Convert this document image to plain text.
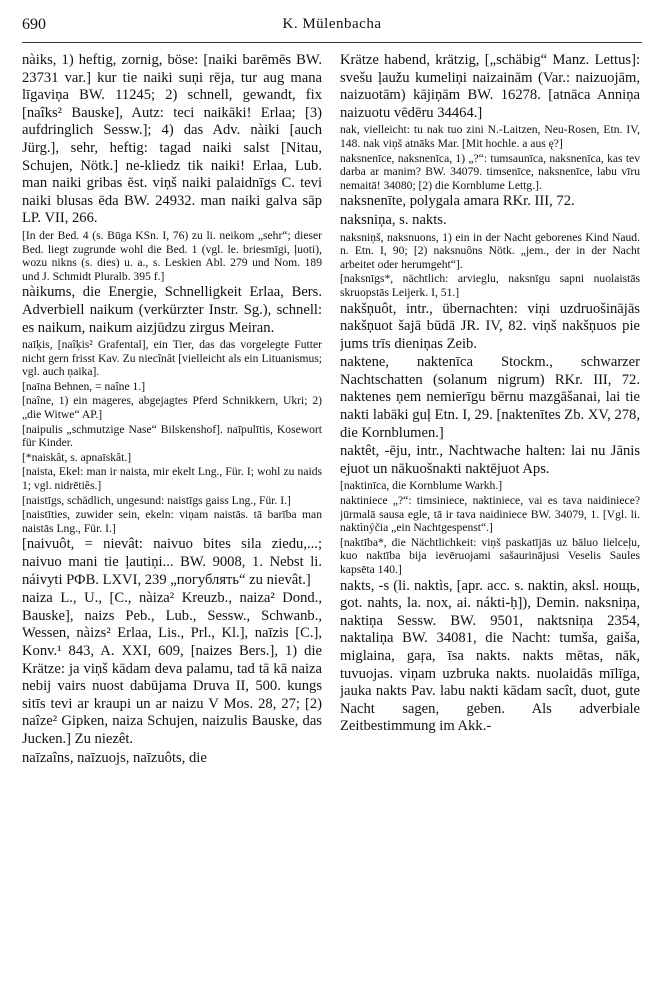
690	K. Mülenbacha

nàiks, 1) heftig, zornig, böse: [naiki barēmēs BW. 23731 var.] kur tie naiki suņi rēja, tur aug mana līgaviņa BW. 11245; 2) schnell, gewandt, fix [naîks² Bauske], Autz: teci naikāki! Erlaa; [3) aufdringlich Sessw.]; 4) das Adv. nàiki [auch Jürg.], sehr, heftig: tagad naiki salst [Nitau, Schujen, Nötk.] ne-kliedz tik naiki! Erlaa, Lub. man naiki gribas ēst. viņš naiki palaidnīgs C. tevi naiki blusas ēda BW. 24932. man naiki galva sāp LP. VII, 266.

[In der Bed. 4 (s. Būga KSn. I, 76) zu li. neikom „sehr“; dieser Bed. liegt zugrunde wohl die Bed. 1 (vgl. le. briesmīgi, ļuoti), wozu nikns (s. dies) u. a., s. Leskien Abl. 279 und Nom. 189 und J. Schmidt Pluralb. 395 f.]

nàikums, die Energie, Schnelligkeit Erlaa, Bers. Adverbiell naikum (verkürzter Instr. Sg.), schnell: es naikum, naikum aizjūdzu zirgus Meiran.

naīķis, [naîķis² Grafental], ein Tier, das das vorgelegte Futter nicht gern frisst Kav. Zu niecînât [vielleicht als ein Lituanismus; vgl. auch ņaika].

[naīna Behnen, = naîne 1.]

[naîne, 1) ein mageres, abgejagtes Pferd Schnikkern, Ukri; 2) „die Witwe“ AP.]

[naipulis „schmutzige Nase“ Bilskenshof]. naīpulītis, Kosewort für Kinder.

[*naiskât, s. apnaīskât.]

[naista, Ekel: man ir naista, mir ekelt Lng., Für. I; wohl zu naids 1; vgl. nidrētiês.]

[naistīgs, schädlich, ungesund: naistīgs gaiss Lng., Für. I.]

[naistīties, zuwider sein, ekeln: viņam naistās. tā barība man naistās Lng., Für. I.]

[naivuôt, = nievât: naivuo bites sila ziedu,...; naivuo mani tie ļautiņi... BW. 9008, 1. Nebst li. náivyti РФВ. LXVI, 239 „погублять“ zu nievât.]

naiza L., U., [C., nàiza² Kreuzb., naiza² Dond., Bauske], naizs Peb., Lub., Sessw., Schwanb., Wessen, nàizs² Erlaa, Lis., Prl., Kl.], naīzis [C.], Konv.¹ 843, A. XXI, 609, [naizes Bers.], 1) die Krätze: ja viņš kādam deva palamu, tad tā kā naiza nebij vairs nuost dabūjama Druva II, 500. kungs sitīs tevi ar kraupi un ar naizu V Mos. 28, 27; [2) naîze² Gipken, naiza Schujen, naizulis Bauske, das Jucken.] Zu niezêt.

naīzaîns, naīzuojs, naīzuôts, die

Krätze habend, krätzig, [„schäbig“ Manz. Lettus]: svešu ļaužu kumeliņi naizainām (Var.: naizuojām, naizuotām) kājiņām BW. 16278. [atnāca Anniņa naizuotu vēdēru 34464.]

nak, vielleicht: tu nak tuo zini N.-Laitzen, Neu-Rosen, Etn. IV, 148. nak viņš atnāks Mar. [Mit hochle. a aus ę?]

naksnenīce, naksnenīca, 1) „?“: tumsaunīca, naksnenīca, kas tev darba ar manim? BW. 34079. timsenīce, naksnenīce, labu vīru nemaitā! 34080; [2) die Kornblume Lettg.].

naksnenīte, polygala amara RKr. III, 72.

naksniņa, s. nakts.

naksniņš, naksnuons, 1) ein in der Nacht geborenes Kind Naud. n. Etn. I, 90; [2) naksnuôns Nötk. „jem., der in der Nacht arbeitet oder herumgeht“].

[naksnīgs*, nächtlich: arvieglu, naksnīgu sapni nuolaistās skruopstās Leijerk. I, 51.]

nakšņuôt, intr., übernachten: viņi uzdruošinājās nakšņuot šajā būdā JR. IV, 82. viņš nakšņuos pie jums trīs dieniņas Zeib.

naktene, naktenīca Stockm., schwarzer Nachtschatten (solanum nigrum) RKr. III, 72. naktenes ņem nemierīgu bērnu mazgāšanai, lai tie nakti labāki guļ Etn. I, 29. [naktenītes Zb. XV, 278, die Kornblumen.]

naktêt, -ēju, intr., Nachtwache halten: lai nu Jānis ejuot un nākuošnakti naktējuot Aps.

[naktinīca, die Kornblume Warkh.]

naktiniece „?“: timsiniece, naktiniece, vai es tava naidiniece? jūrmalā sausa egle, tā ir tava naidiniece BW. 34079, 1. [Vgl. li. naktìnýčia „ein Nachtgespenst“.]

[naktība*, die Nächtlichkeit: viņš paskatījās uz bāluo lielceļu, kuo naktība bija ievēruojami sašaurinājusi Veselis Saules kapsēta 140.]

nakts, -s (li. naktìs, [apr. acc. s. naktin, aksl. нощь, got. nahts, la. nox, ai. nákti-ḥ]), Demin. naksniņa, naktiņa Sessw. BW. 9501, naktsniņa 2354, naktaliņa BW. 34081, die Nacht: tumša, gaiša, miglaina, gaŗa, īsa nakts. nakts mētas, nāk, tuvuojas. viņam uzbruka nakts. nuolaidās mīlīga, jauka nakts Pav. labu nakti kādam sacît, duot, gute Nacht sagen, geben. Als adverbiale Zeitbestimmung im Akk.-
